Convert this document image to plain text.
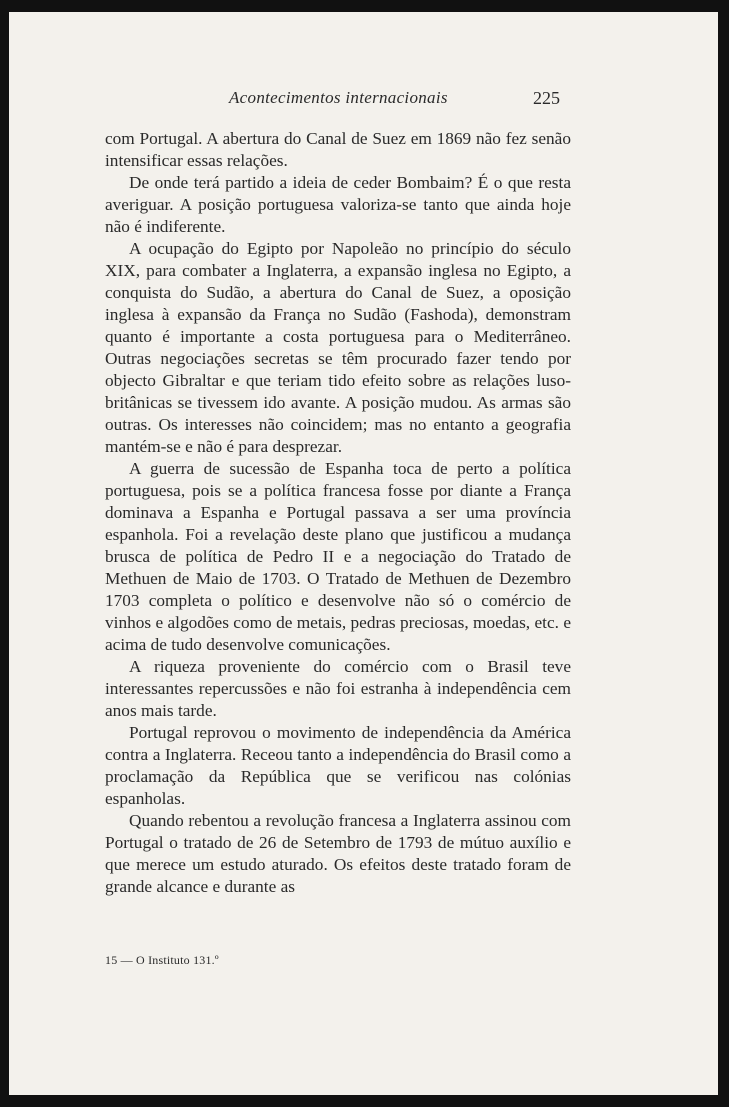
Acontecimentos internacionais	225

com Portugal. A abertura do Canal de Suez em 1869 não fez senão intensificar essas relações.

De onde terá partido a ideia de ceder Bombaim? É o que resta averiguar. A posição portuguesa valoriza-se tanto que ainda hoje não é indiferente.

A ocupação do Egipto por Napoleão no princípio do século XIX, para combater a Inglaterra, a expansão inglesa no Egipto, a conquista do Sudão, a abertura do Canal de Suez, a oposição inglesa à expansão da França no Sudão (Fashoda), demonstram quanto é importante a costa portuguesa para o Mediterrâneo. Outras negociações secretas se têm procurado fazer tendo por objecto Gibraltar e que teriam tido efeito sobre as relações luso-britânicas se tivessem ido avante. A posição mudou. As armas são outras. Os interesses não coincidem; mas no entanto a geografia mantém-se e não é para desprezar.

A guerra de sucessão de Espanha toca de perto a política portuguesa, pois se a política francesa fosse por diante a França dominava a Espanha e Portugal passava a ser uma província espanhola. Foi a revelação deste plano que justificou a mudança brusca de política de Pedro II e a negociação do Tratado de Methuen de Maio de 1703. O Tratado de Methuen de Dezembro 1703 completa o político e desenvolve não só o comércio de vinhos e algodões como de metais, pedras preciosas, moedas, etc. e acima de tudo desenvolve comunicações.

A riqueza proveniente do comércio com o Brasil teve interessantes repercussões e não foi estranha à independência cem anos mais tarde.

Portugal reprovou o movimento de independência da América contra a Inglaterra. Receou tanto a independência do Brasil como a proclamação da República que se verificou nas colónias espanholas.

Quando rebentou a revolução francesa a Inglaterra assinou com Portugal o tratado de 26 de Setembro de 1793 de mútuo auxílio e que merece um estudo aturado. Os efeitos deste tratado foram de grande alcance e durante as

15 — O Instituto 131.º
